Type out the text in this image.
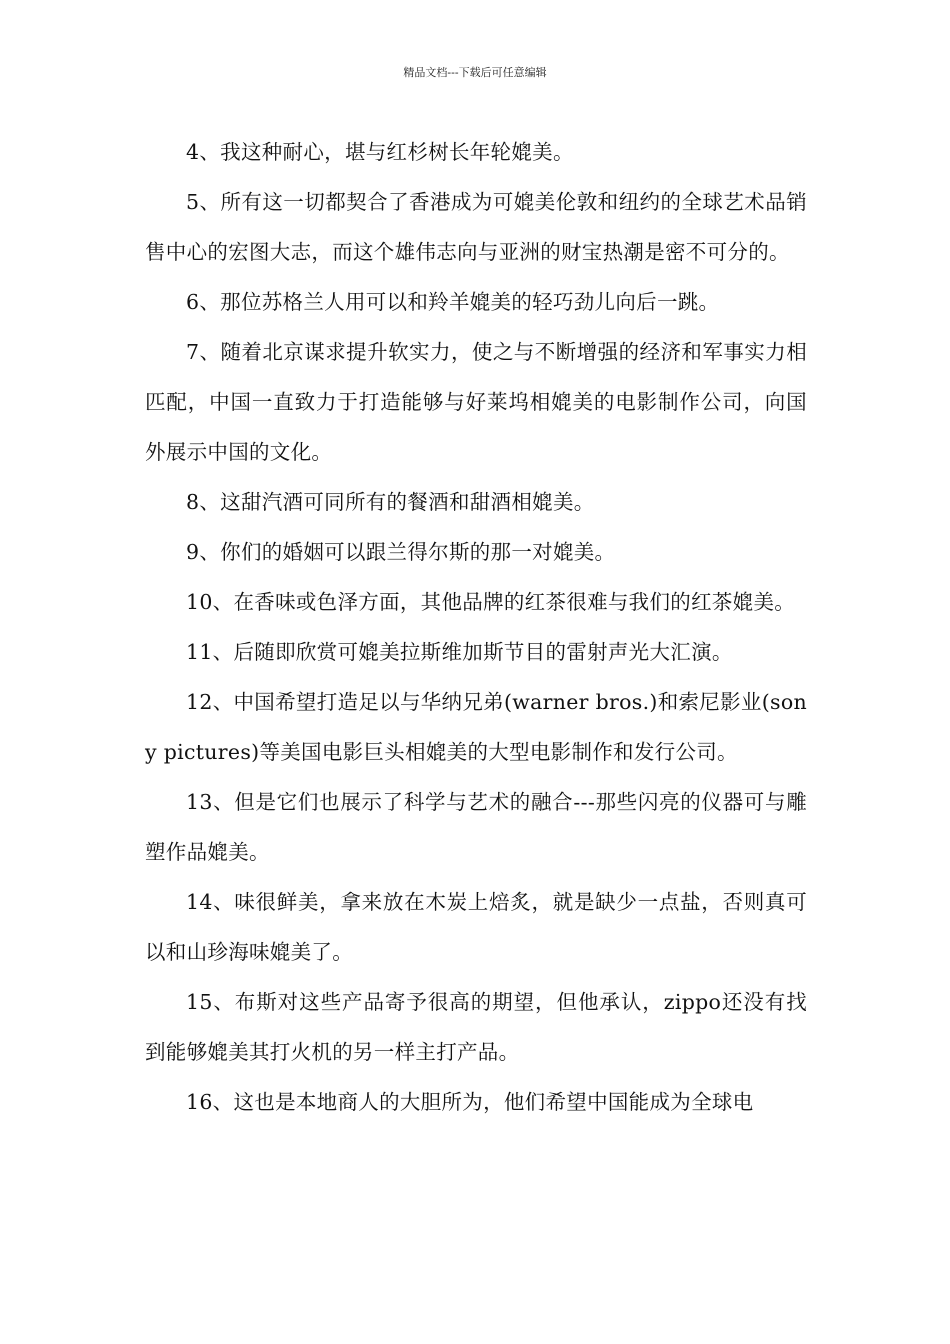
精品文档---下载后可任意编辑

4、我这种耐心，堪与红杉树长年轮媲美。

5、所有这一切都契合了香港成为可媲美伦敦和纽约的全球艺术品销售中心的宏图大志，而这个雄伟志向与亚洲的财宝热潮是密不可分的。

6、那位苏格兰人用可以和羚羊媲美的轻巧劲儿向后一跳。

7、随着北京谋求提升软实力，使之与不断增强的经济和军事实力相匹配，中国一直致力于打造能够与好莱坞相媲美的电影制作公司，向国外展示中国的文化。

8、这甜汽酒可同所有的餐酒和甜酒相媲美。

9、你们的婚姻可以跟兰得尔斯的那一对媲美。

10、在香味或色泽方面，其他品牌的红茶很难与我们的红茶媲美。

11、后随即欣赏可媲美拉斯维加斯节目的雷射声光大汇演。

12、中国希望打造足以与华纳兄弟(warner bros.)和索尼影业(sony pictures)等美国电影巨头相媲美的大型电影制作和发行公司。

13、但是它们也展示了科学与艺术的融合---那些闪亮的仪器可与雕塑作品媲美。

14、味很鲜美，拿来放在木炭上焙炙，就是缺少一点盐，否则真可以和山珍海味媲美了。

15、布斯对这些产品寄予很高的期望，但他承认，zippo还没有找到能够媲美其打火机的另一样主打产品。

16、这也是本地商人的大胆所为，他们希望中国能成为全球电
